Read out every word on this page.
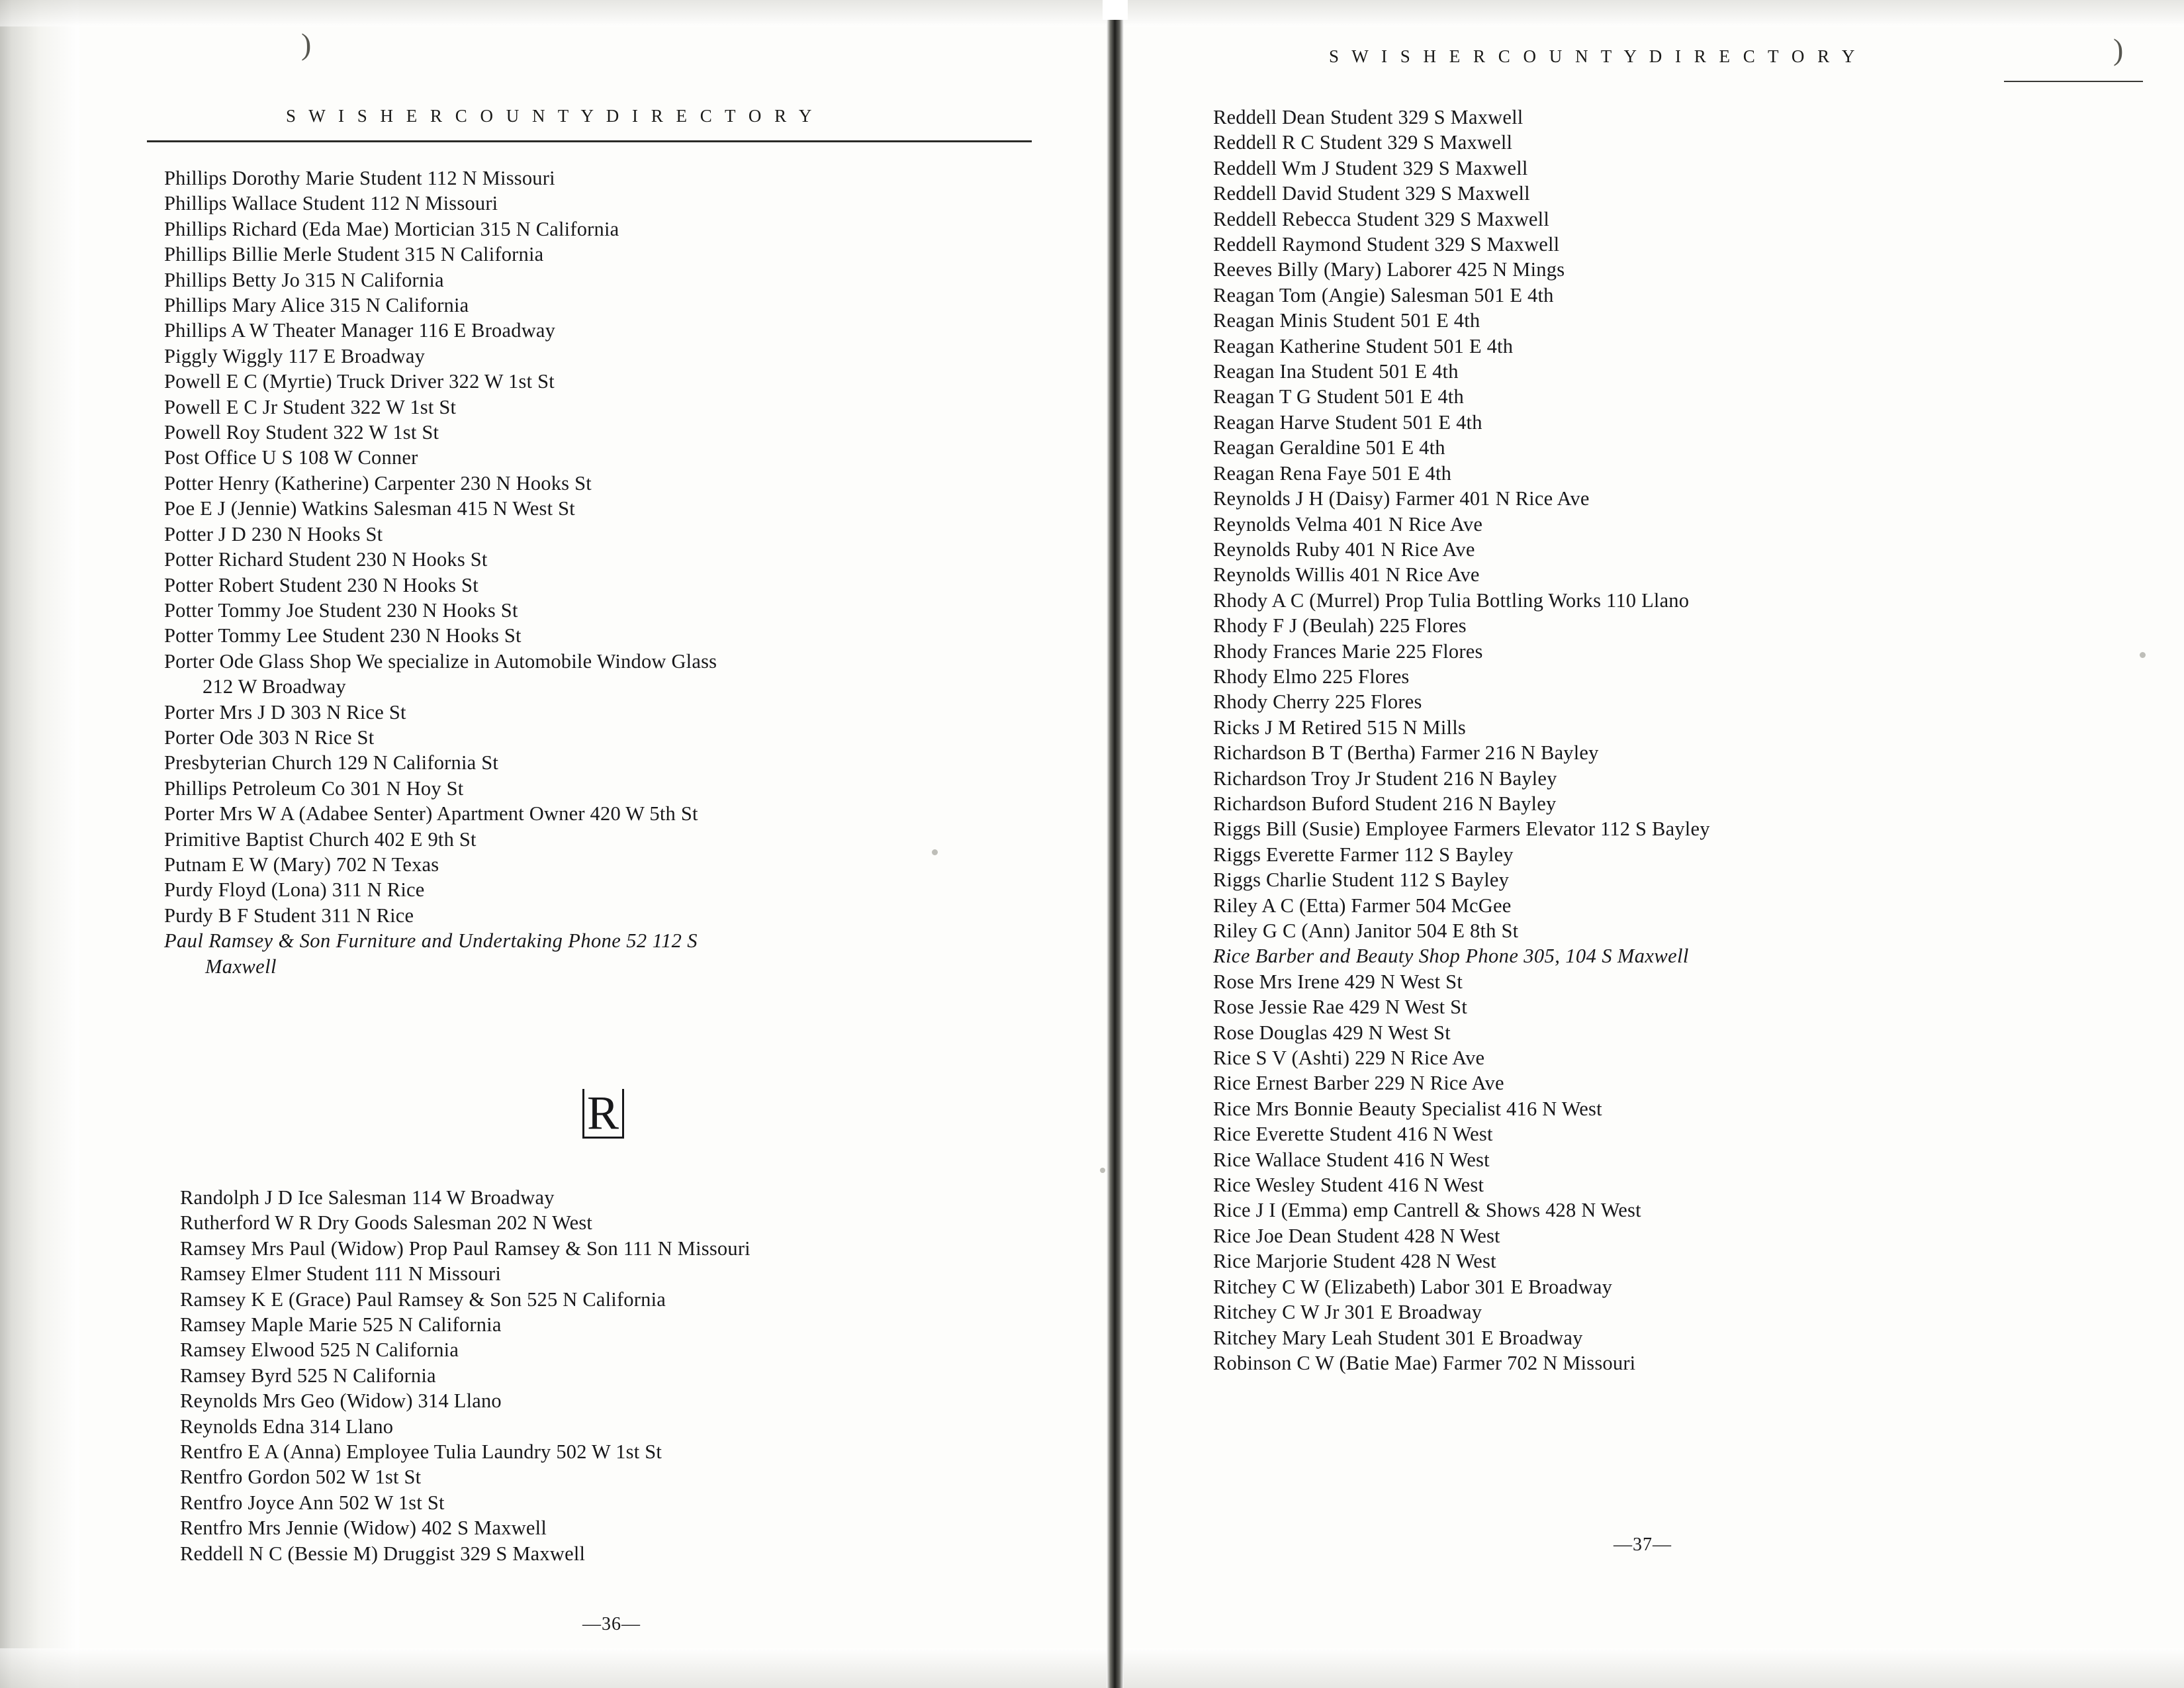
S W I S H E R C O U N T Y D I R E C T O R Y
Phillips Dorothy Marie Student 112 N Missouri
Phillips Wallace Student 112 N Missouri
Phillips Richard (Eda Mae) Mortician 315 N California
Phillips Billie Merle Student 315 N California
Phillips Betty Jo 315 N California
Phillips Mary Alice 315 N California
Phillips A W Theater Manager 116 E Broadway
Piggly Wiggly 117 E Broadway
Powell E C (Myrtie) Truck Driver 322 W 1st St
Powell E C Jr Student 322 W 1st St
Powell Roy Student 322 W 1st St
Post Office U S 108 W Conner
Potter Henry (Katherine) Carpenter 230 N Hooks St
Poe E J (Jennie) Watkins Salesman 415 N West St
Potter J D 230 N Hooks St
Potter Richard Student 230 N Hooks St
Potter Robert Student 230 N Hooks St
Potter Tommy Joe Student 230 N Hooks St
Potter Tommy Lee Student 230 N Hooks St
Porter Ode Glass Shop We specialize in Automobile Window Glass
212 W Broadway
Porter Mrs J D 303 N Rice St
Porter Ode 303 N Rice St
Presbyterian Church 129 N California St
Phillips Petroleum Co 301 N Hoy St
Porter Mrs W A (Adabee Senter) Apartment Owner 420 W 5th St
Primitive Baptist Church 402 E 9th St
Putnam E W (Mary) 702 N Texas
Purdy Floyd (Lona) 311 N Rice
Purdy B F Student 311 N Rice
Paul Ramsey & Son Furniture and Undertaking Phone 52 112 S
Maxwell
R
Randolph J D Ice Salesman 114 W Broadway
Rutherford W R Dry Goods Salesman 202 N West
Ramsey Mrs Paul (Widow) Prop Paul Ramsey & Son 111 N Missouri
Ramsey Elmer Student 111 N Missouri
Ramsey K E (Grace) Paul Ramsey & Son 525 N California
Ramsey Maple Marie 525 N California
Ramsey Elwood 525 N California
Ramsey Byrd 525 N California
Reynolds Mrs Geo (Widow) 314 Llano
Reynolds Edna 314 Llano
Rentfro E A (Anna) Employee Tulia Laundry 502 W 1st St
Rentfro Gordon 502 W 1st St
Rentfro Joyce Ann 502 W 1st St
Rentfro Mrs Jennie (Widow) 402 S Maxwell
Reddell N C (Bessie M) Druggist 329 S Maxwell
—36—
)	S W I S H E R C O U N T Y D I R E C T O R Y
Reddell Dean Student 329 S Maxwell
Reddell R C Student 329 S Maxwell
Reddell Wm J Student 329 S Maxwell
Reddell David Student 329 S Maxwell
Reddell Rebecca Student 329 S Maxwell
Reddell Raymond Student 329 S Maxwell
Reeves Billy (Mary) Laborer 425 N Mings
Reagan Tom (Angie) Salesman 501 E 4th
Reagan Minis Student 501 E 4th
Reagan Katherine Student 501 E 4th
Reagan Ina Student 501 E 4th
Reagan T G Student 501 E 4th
Reagan Harve Student 501 E 4th
Reagan Geraldine 501 E 4th
Reagan Rena Faye 501 E 4th
Reynolds J H (Daisy) Farmer 401 N Rice Ave
Reynolds Velma 401 N Rice Ave
Reynolds Ruby 401 N Rice Ave
Reynolds Willis 401 N Rice Ave
Rhody A C (Murrel) Prop Tulia Bottling Works 110 Llano
Rhody F J (Beulah) 225 Flores
Rhody Frances Marie 225 Flores
Rhody Elmo 225 Flores
Rhody Cherry 225 Flores
Ricks J M Retired 515 N Mills
Richardson B T (Bertha) Farmer 216 N Bayley
Richardson Troy Jr Student 216 N Bayley
Richardson Buford Student 216 N Bayley
Riggs Bill (Susie) Employee Farmers Elevator 112 S Bayley
Riggs Everette Farmer 112 S Bayley
Riggs Charlie Student 112 S Bayley
Riley A C (Etta) Farmer 504 McGee
Riley G C (Ann) Janitor 504 E 8th St
Rice Barber and Beauty Shop Phone 305, 104 S Maxwell
Rose Mrs Irene 429 N West St
Rose Jessie Rae 429 N West St
Rose Douglas 429 N West St
Rice S V (Ashti) 229 N Rice Ave
Rice Ernest Barber 229 N Rice Ave
Rice Mrs Bonnie Beauty Specialist 416 N West
Rice Everette Student 416 N West
Rice Wallace Student 416 N West
Rice Wesley Student 416 N West
Rice J I (Emma) emp Cantrell & Shows 428 N West
Rice Joe Dean Student 428 N West
Rice Marjorie Student 428 N West
Ritchey C W (Elizabeth) Labor 301 E Broadway
Ritchey C W Jr 301 E Broadway
Ritchey Mary Leah Student 301 E Broadway
Robinson C W (Batie Mae) Farmer 702 N Missouri
—37—
)
